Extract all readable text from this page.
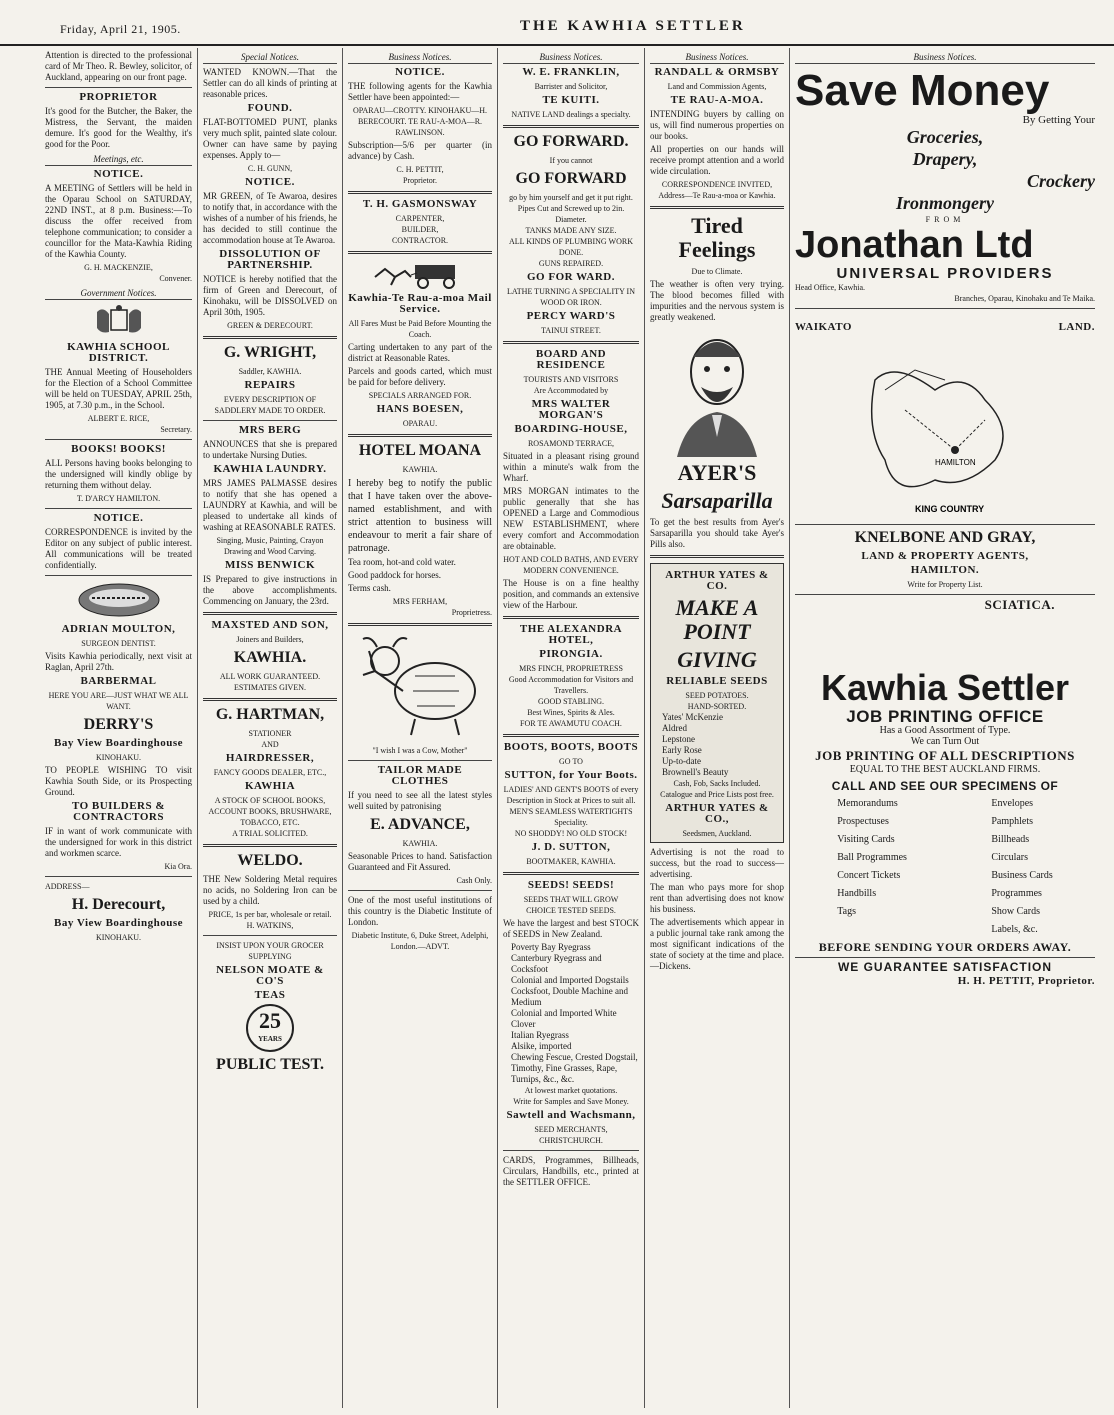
Friday, April 21, 1905.	THE KAWHIA SETTLER
Attention is directed to the professional card of Mr Theo. R. Bewley, solicitor, of Auckland, appearing on our front page.
PROPRIETOR
It's good for the Butcher, the Baker, the Mistress, the Servant, the maiden demure. It's good for the Wealthy, it's good for the Poor.
Meetings, etc.
NOTICE.
A MEETING of Settlers will be held in the Oparau School on SATURDAY, 22ND INST., at 8 p.m. Business:—To discuss the offer received from telephone communication; to consider a councillor for the Mata-Kawhia Riding of the Kawhia County.
G. H. MACKENZIE,
Convener.
Government Notices.
KAWHIA SCHOOL DISTRICT.
THE Annual Meeting of Householders for the Election of a School Committee will be held on TUESDAY, APRIL 25th, 1905, at 7.30 p.m., in the School.
ALBERT E. RICE,
Secretary.
BOOKS! BOOKS!
ALL Persons having books belonging to the undersigned will kindly oblige by returning them without delay.
T. D'ARCY HAMILTON.
NOTICE.
CORRESPONDENCE is invited by the Editor on any subject of public interest. All communications will be treated confidentially.
ADRIAN MOULTON,
SURGEON DENTIST.
Visits Kawhia periodically, next visit at Raglan, April 27th.
BARBERMAL
HERE YOU ARE—JUST WHAT WE ALL WANT.
DERRY'S
Bay View Boardinghouse
KINOHAKU.
TO PEOPLE WISHING TO visit Kawhia South Side, or its Prospecting Ground.
TO BUILDERS & CONTRACTORS
IF in want of work communicate with the undersigned for work in this district and workmen scarce.
Kia Ora.
ADDRESS—
H. Derecourt,
Bay View Boardinghouse
KINOHAKU.
Special Notices.
WANTED KNOWN.—That the Settler can do all kinds of printing at reasonable prices.
FOUND.
FLAT-BOTTOMED PUNT, planks very much split, painted slate colour. Owner can have same by paying expenses. Apply to—
C. H. GUNN,
NOTICE.
MR GREEN, of Te Awaroa, desires to notify that, in accordance with the wishes of a number of his friends, he has decided to still continue the accommodation house at Te Awaroa.
DISSOLUTION OF PARTNERSHIP.
NOTICE is hereby notified that the firm of Green and Derecourt, of Kinohaku, will be DISSOLVED on April 30th, 1905.
GREEN & DERECOURT.
G. WRIGHT,
Saddler, KAWHIA.
REPAIRS
EVERY DESCRIPTION OF SADDLERY MADE TO ORDER.
MRS BERG
ANNOUNCES that she is prepared to undertake Nursing Duties.
KAWHIA LAUNDRY.
MRS JAMES PALMASSE desires to notify that she has opened a LAUNDRY at Kawhia, and will be pleased to undertake all kinds of washing at REASONABLE RATES.
Singing, Music, Painting, Crayon Drawing and Wood Carving.
MISS BENWICK
IS Prepared to give instructions in the above accomplishments. Commencing on January, the 23rd.
MAXSTED AND SON,
Joiners and Builders,
KAWHIA.
ALL WORK GUARANTEED.
ESTIMATES GIVEN.
G. HARTMAN,
STATIONER
AND
HAIRDRESSER,
FANCY GOODS DEALER, ETC.,
KAWHIA
A STOCK OF SCHOOL BOOKS, ACCOUNT BOOKS, BRUSHWARE, TOBACCO, ETC.
A TRIAL SOLICITED.
WELDO.
THE New Soldering Metal requires no acids, no Soldering Iron can be used by a child.
PRICE, 1s per bar, wholesale or retail.
H. WATKINS,
INSIST UPON YOUR GROCER SUPPLYING
NELSON MOATE & CO'S
TEAS
25
YEARS
PUBLIC TEST.
Business Notices.
NOTICE.
THE following agents for the Kawhia Settler have been appointed:—
OPARAU—CROTTY. KINOHAKU—H. BERECOURT. TE RAU-A-MOA—R. RAWLINSON.
Subscription—5/6 per quarter (in advance) by Cash.
C. H. PETTIT,
Proprietor.
T. H. GASMONSWAY
CARPENTER,
BUILDER,
CONTRACTOR.
Kawhia-Te Rau-a-moa Mail Service.
All Fares Must be Paid Before Mounting the Coach.
Carting undertaken to any part of the district at Reasonable Rates.
Parcels and goods carted, which must be paid for before delivery.
SPECIALS ARRANGED FOR.
HANS BOESEN,
OPARAU.
HOTEL MOANA
KAWHIA.
I hereby beg to notify the public that I have taken over the above-named establishment, and with strict attention to business will endeavour to merit a fair share of patronage.
Tea room, hot-and cold water.
Good paddock for horses.
Terms cash.
MRS FERHAM,
Proprietress.
"I wish I was a Cow, Mother"
TAILOR MADE CLOTHES
If you need to see all the latest styles well suited by patronising
E. ADVANCE,
KAWHIA.
Seasonable Prices to hand. Satisfaction Guaranteed and Fit Assured.
Cash Only.
One of the most useful institutions of this country is the Diabetic Institute of London.
Diabetic Institute, 6, Duke Street, Adelphi, London.—ADVT.
Business Notices.
W. E. FRANKLIN,
Barrister and Solicitor,
TE KUITI.
NATIVE LAND dealings a specialty.
GO FORWARD.
If you cannot
GO FORWARD
go by him yourself and get it put right.
Pipes Cut and Screwed up to 2in. Diameter.
TANKS MADE ANY SIZE.
ALL KINDS OF PLUMBING WORK DONE.
GUNS REPAIRED.
GO FOR WARD.
LATHE TURNING A SPECIALITY IN WOOD OR IRON.
PERCY WARD'S
TAINUI STREET.
BOARD AND RESIDENCE
TOURISTS AND VISITORS
Are Accommodated by
MRS WALTER MORGAN'S
BOARDING-HOUSE,
ROSAMOND TERRACE,
Situated in a pleasant rising ground within a minute's walk from the Wharf.
MRS MORGAN intimates to the public generally that she has OPENED a Large and Commodious NEW ESTABLISHMENT, where every comfort and Accommodation are obtainable.
HOT AND COLD BATHS, AND EVERY MODERN CONVENIENCE.
The House is on a fine healthy position, and commands an extensive view of the Harbour.
THE ALEXANDRA HOTEL,
PIRONGIA.
MRS FINCH, PROPRIETRESS
Good Accommodation for Visitors and Travellers.
GOOD STABLING.
Best Wines, Spirits & Ales.
FOR TE AWAMUTU COACH.
BOOTS, BOOTS, BOOTS
GO TO
SUTTON, for Your Boots.
LADIES' AND GENT'S BOOTS of every Description in Stock at Prices to suit all.
MEN'S SEAMLESS WATERTIGHTS Speciality.
NO SHODDY! NO OLD STOCK!
J. D. SUTTON,
BOOTMAKER, KAWHIA.
SEEDS! SEEDS!
SEEDS THAT WILL GROW
CHOICE TESTED SEEDS.
We have the largest and best STOCK of SEEDS in New Zealand.
Poverty Bay Ryegrass
Canterbury Ryegrass and Cocksfoot
Colonial and Imported Dogstails
Cocksfoot, Double Machine and Medium
Colonial and Imported White Clover
Italian Ryegrass
Alsike, imported
Chewing Fescue, Crested Dogstail, Timothy, Fine Grasses, Rape, Turnips, &c., &c.
At lowest market quotations.
Write for Samples and Save Money.
Sawtell and Wachsmann,
SEED MERCHANTS,
CHRISTCHURCH.
CARDS, Programmes, Billheads, Circulars, Handbills, etc., printed at the SETTLER OFFICE.
Business Notices.
RANDALL & ORMSBY
Land and Commission Agents,
TE RAU-A-MOA.
INTENDING buyers by calling on us, will find numerous properties on our books.
All properties on our hands will receive prompt attention and a world wide circulation.
CORRESPONDENCE INVITED,
Address—Te Rau-a-moa or Kawhia.
Tired Feelings
Due to Climate.
The weather is often very trying. The blood becomes filled with impurities and the nervous system is greatly weakened.
AYER'S
Sarsaparilla
To get the best results from Ayer's Sarsaparilla you should take Ayer's Pills also.
ARTHUR YATES & CO.
MAKE A POINT
GIVING
RELIABLE SEEDS
SEED POTATOES.
HAND-SORTED.
Yates' McKenzie
Aldred
Lepstone
Early Rose
Up-to-date
Brownell's Beauty
Cash, Fob, Sacks Included.
Catalogue and Price Lists post free.
ARTHUR YATES & CO.,
Seedsmen, Auckland.
Advertising is not the road to success, but the road to success—advertising.
The man who pays more for shop rent than advertising does not know his business.
The advertisements which appear in a public journal take rank among the most significant indications of the state of society at the time and place.—Dickens.
Business Notices.
Save Money
By Getting Your
Groceries,
Drapery,
Crockery
Ironmongery
FROM
Jonathan Ltd
UNIVERSAL PROVIDERS
Head Office, Kawhia.
Branches, Oparau, Kinohaku and Te Maika.
WAIKATO	LAND.
HAMILTON
KING COUNTRY
KNELBONE AND GRAY,
LAND & PROPERTY AGENTS,
HAMILTON.
Write for Property List.
SCIATICA.
Kawhia Settler
JOB PRINTING OFFICE
Has a Good Assortment of Type.
We can Turn Out
JOB PRINTING OF ALL DESCRIPTIONS
EQUAL TO THE BEST AUCKLAND FIRMS.
CALL AND SEE OUR SPECIMENS OF
Memorandums
Prospectuses
Visiting Cards
Ball Programmes
Concert Tickets
Handbills
Tags
Envelopes
Pamphlets
Billheads
Circulars
Business Cards
Programmes
Show Cards
Labels, &c.
BEFORE SENDING YOUR ORDERS AWAY.
WE GUARANTEE SATISFACTION
H. H. PETTIT, Proprietor.
